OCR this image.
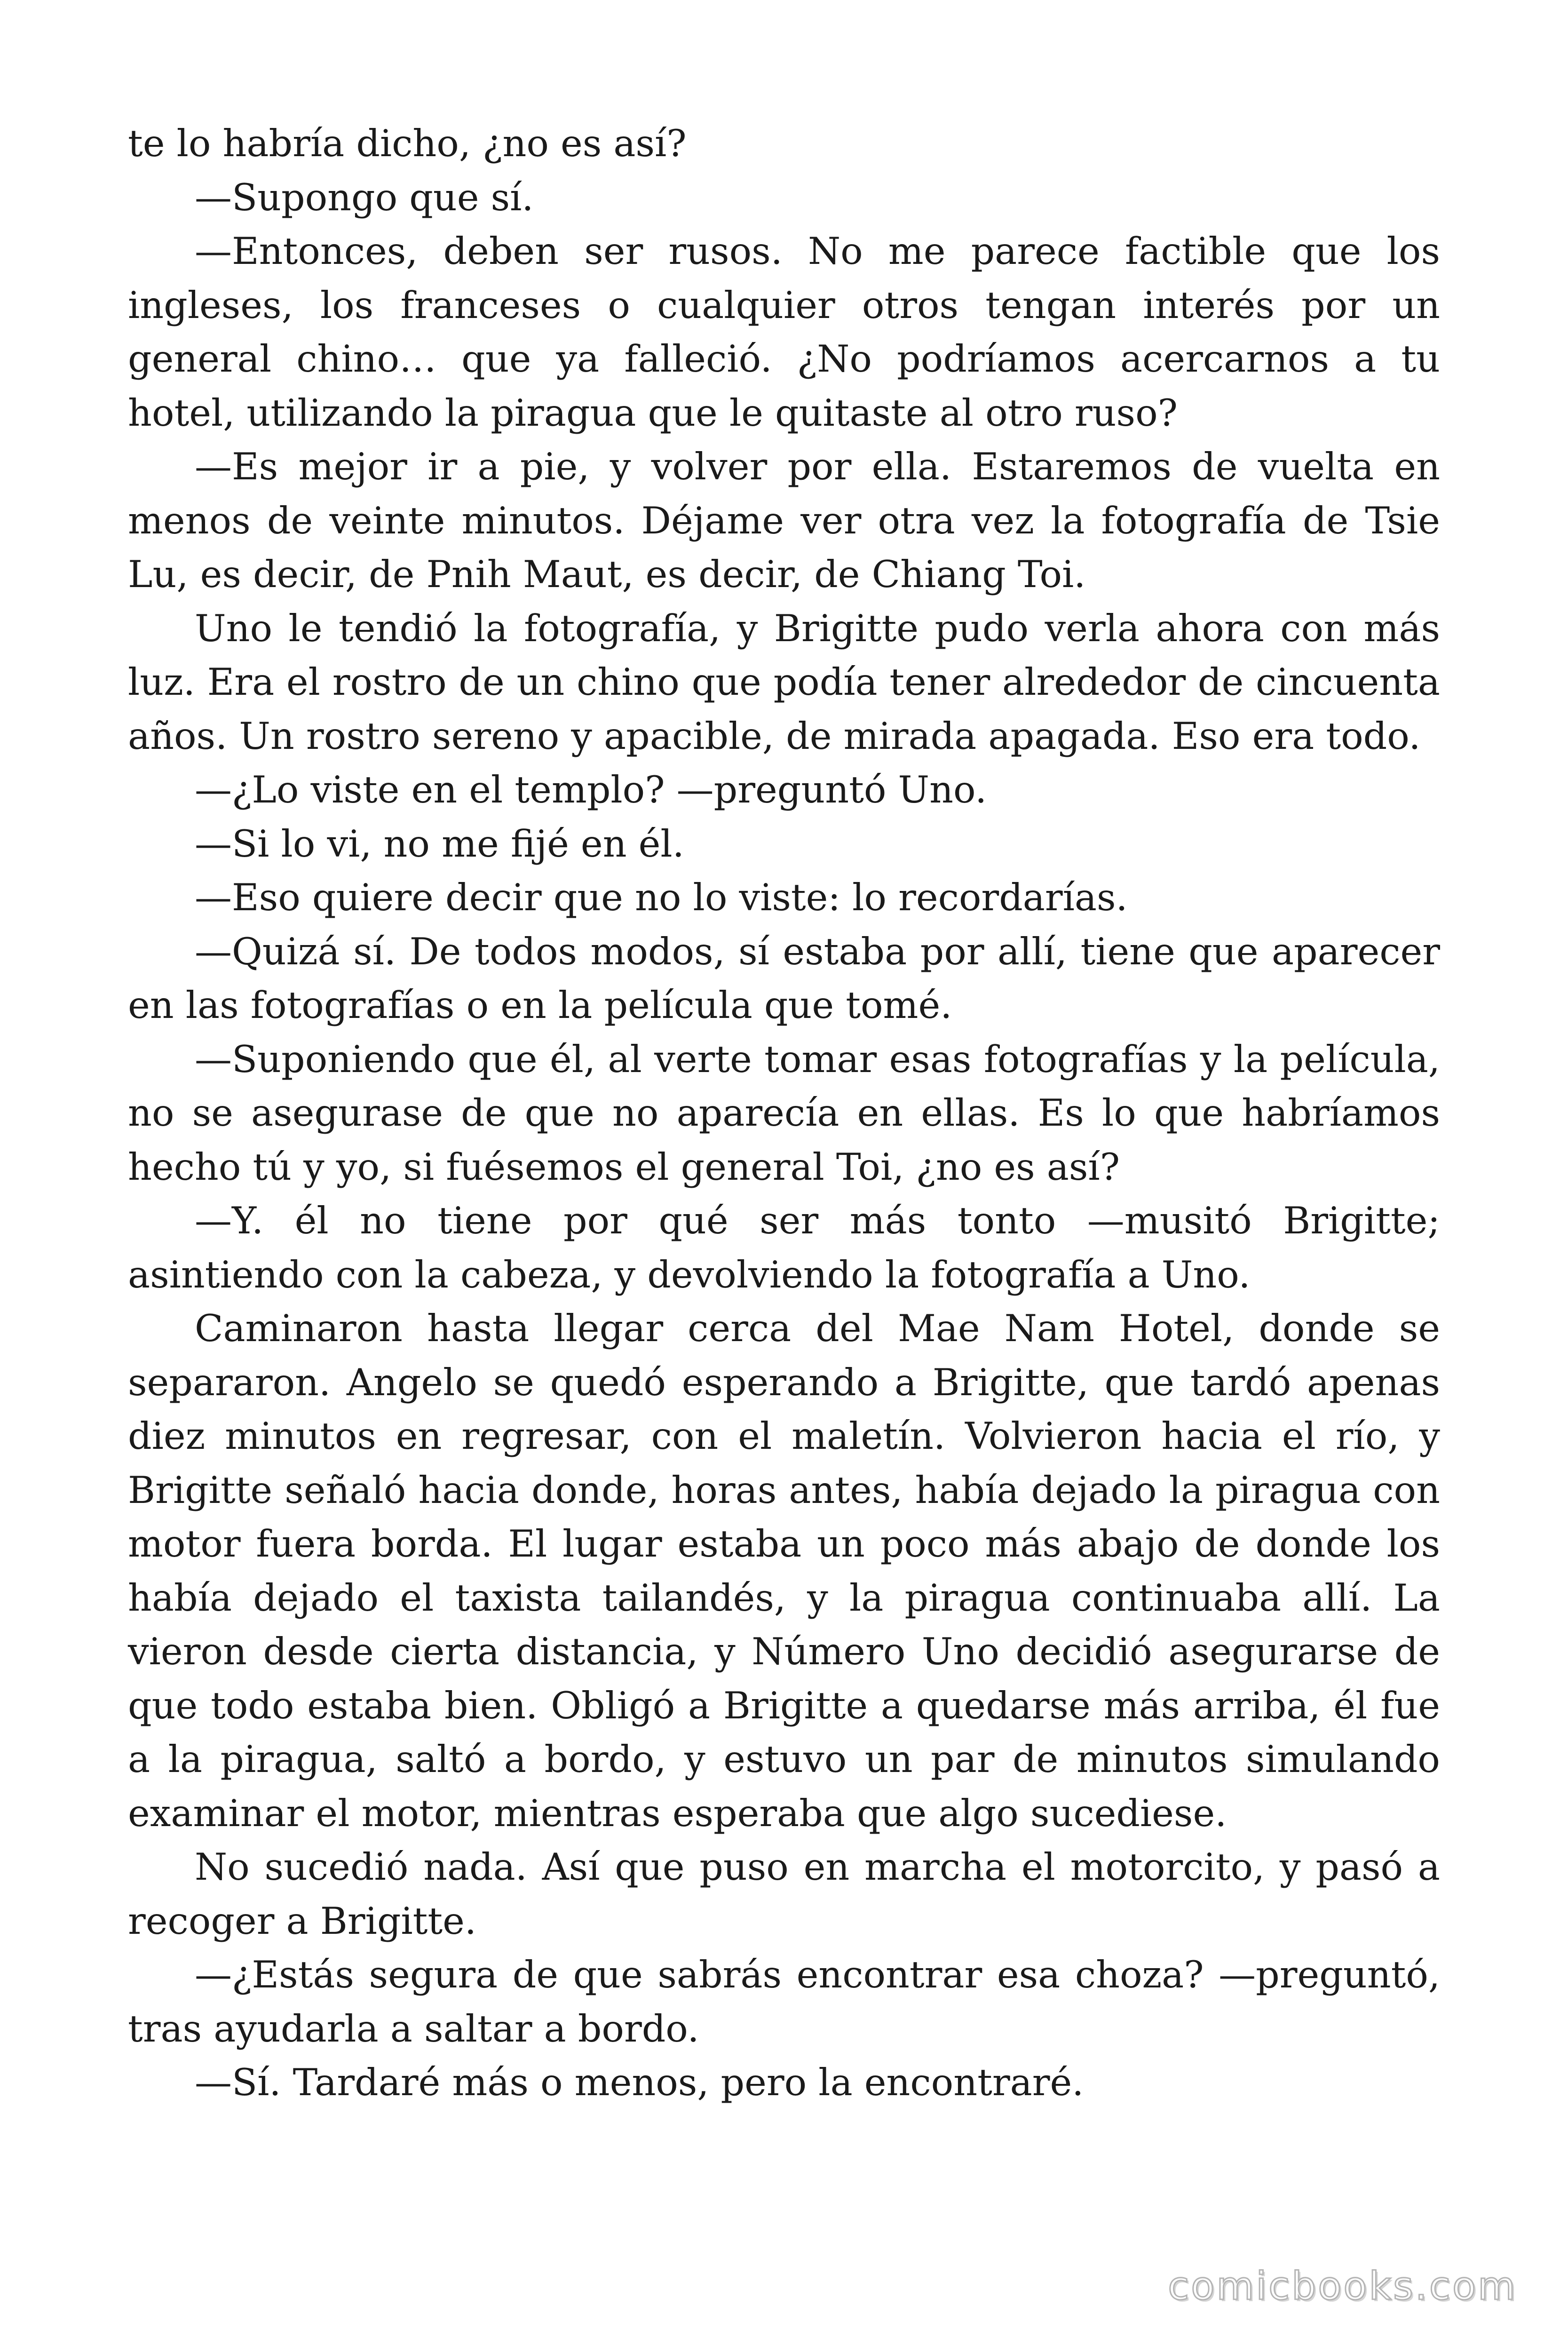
te lo habría dicho, ¿no es así?

—Supongo que sí.

—Entonces, deben ser rusos. No me parece factible que los ingleses, los franceses o cualquier otros tengan interés por un general chino… que ya falleció. ¿No podríamos acercarnos a tu hotel, utilizando la piragua que le quitaste al otro ruso?

—Es mejor ir a pie, y volver por ella. Estaremos de vuelta en menos de veinte minutos. Déjame ver otra vez la fotografía de Tsie Lu, es decir, de Pnih Maut, es decir, de Chiang Toi.

Uno le tendió la fotografía, y Brigitte pudo verla ahora con más luz. Era el rostro de un chino que podía tener alrededor de cincuenta años. Un rostro sereno y apacible, de mirada apagada. Eso era todo.

—¿Lo viste en el templo? —preguntó Uno.

—Si lo vi, no me fijé en él.

—Eso quiere decir que no lo viste: lo recordarías.

—Quizá sí. De todos modos, sí estaba por allí, tiene que aparecer en las fotografías o en la película que tomé.

—Suponiendo que él, al verte tomar esas fotografías y la película, no se asegurase de que no aparecía en ellas. Es lo que habríamos hecho tú y yo, si fuésemos el general Toi, ¿no es así?

—Y. él no tiene por qué ser más tonto —musitó Brigitte; asintiendo con la cabeza, y devolviendo la fotografía a Uno.

Caminaron hasta llegar cerca del Mae Nam Hotel, donde se separaron. Angelo se quedó esperando a Brigitte, que tardó apenas diez minutos en regresar, con el maletín. Volvieron hacia el río, y Brigitte señaló hacia donde, horas antes, había dejado la piragua con motor fuera borda. El lugar estaba un poco más abajo de donde los había dejado el taxista tailandés, y la piragua continuaba allí. La vieron desde cierta distancia, y Número Uno decidió asegurarse de que todo estaba bien. Obligó a Brigitte a quedarse más arriba, él fue a la piragua, saltó a bordo, y estuvo un par de minutos simulando examinar el motor, mientras esperaba que algo sucediese.

No sucedió nada. Así que puso en marcha el motorcito, y pasó a recoger a Brigitte.

—¿Estás segura de que sabrás encontrar esa choza? —preguntó, tras ayudarla a saltar a bordo.

—Sí. Tardaré más o menos, pero la encontraré.

comicbooks.com
